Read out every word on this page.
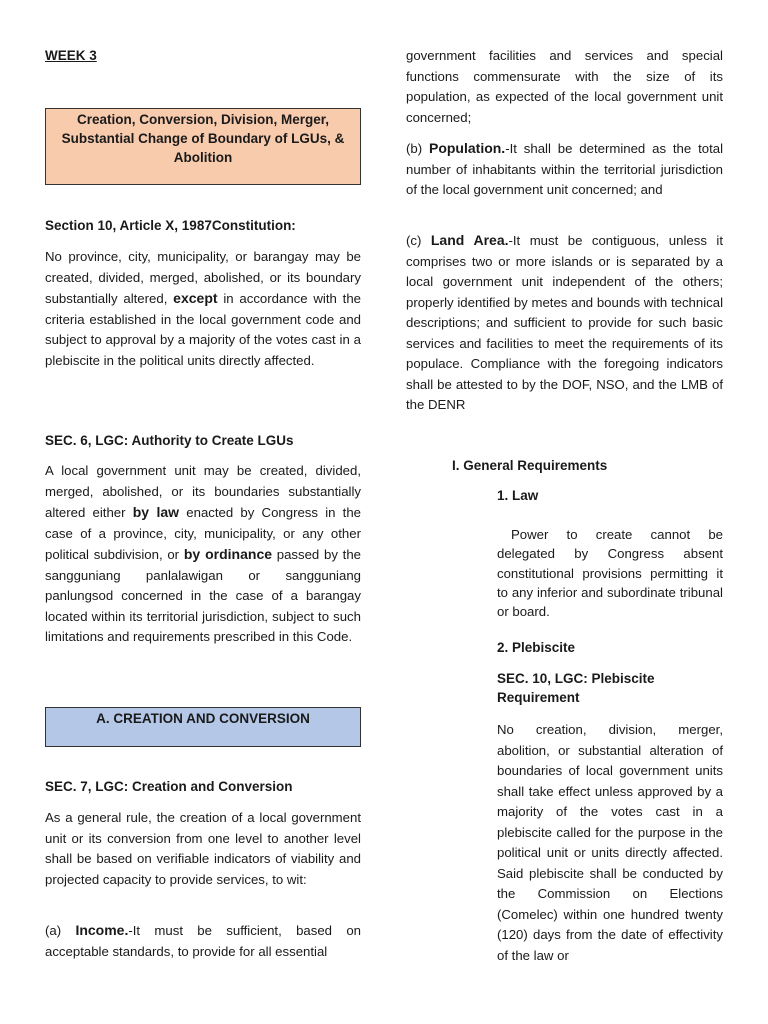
WEEK 3
Creation, Conversion, Division, Merger,
Substantial Change of Boundary of LGUs, &
Abolition
Section 10, Article X, 1987Constitution:

No province, city, municipality, or barangay may be created, divided, merged, abolished, or its boundary substantially altered, except in accordance with the criteria established in the local government code and subject to approval by a majority of the votes cast in a plebiscite in the political units directly affected.

SEC. 6, LGC: Authority to Create LGUs

A local government unit may be created, divided, merged, abolished, or its boundaries substantially altered either by law enacted by Congress in the case of a province, city, municipality, or any other political subdivision, or by ordinance passed by the sangguniang panlalawigan or sangguniang panlungsod concerned in the case of a barangay located within its territorial jurisdiction, subject to such limitations and requirements prescribed in this Code.

A. CREATION AND CONVERSION
SEC. 7, LGC: Creation and Conversion

As a general rule, the creation of a local government unit or its conversion from one level to another level shall be based on verifiable indicators of viability and projected capacity to provide services, to wit:

(a) Income.-It must be sufficient, based on acceptable standards, to provide for all essential

government facilities and services and special functions commensurate with the size of its population, as expected of the local government unit concerned;

(b) Population.-It shall be determined as the total number of inhabitants within the territorial jurisdiction of the local government unit concerned; and

(c) Land Area.-It must be contiguous, unless it comprises two or more islands or is separated by a local government unit independent of the others; properly identified by metes and bounds with technical descriptions; and sufficient to provide for such basic services and facilities to meet the requirements of its populace. Compliance with the foregoing indicators shall be attested to by the DOF, NSO, and the LMB of the DENR

I. General Requirements
1. Law

Power to create cannot be delegated by Congress absent constitutional provisions permitting it to any inferior and subordinate tribunal or board.

2. Plebiscite
SEC. 10, LGC: Plebiscite Requirement

No creation, division, merger, abolition, or substantial alteration of boundaries of local government units shall take effect unless approved by a majority of the votes cast in a plebiscite called for the purpose in the political unit or units directly affected. Said plebiscite shall be conducted by the Commission on Elections (Comelec) within one hundred twenty (120) days from the date of effectivity of the law or
